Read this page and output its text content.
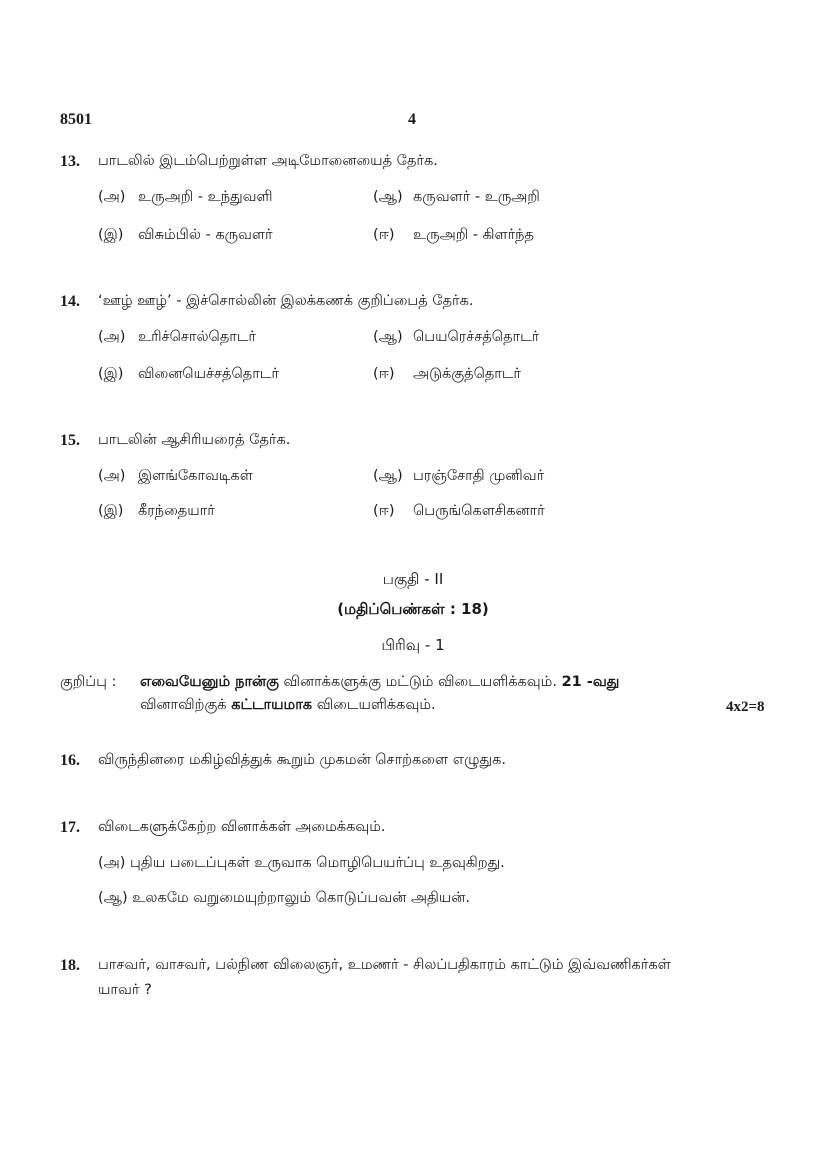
8501	4
13. பாடலில் இடம்பெற்றுள்ள அடிமோனையைத் தேர்க.
(அ) உருஅறி - உந்துவளி	(ஆ) கருவளர் - உருஅறி
(இ) விசும்பில் - கருவளர்	(ஈ) உருஅறி - கிளர்ந்த
14. ‘ஊழ் ஊழ்’ - இச்சொல்லின் இலக்கணக் குறிப்பைத் தேர்க.
(அ) உரிச்சொல்தொடர்	(ஆ) பெயரெச்சத்தொடர்
(இ) வினையெச்சத்தொடர்	(ஈ) அடுக்குத்தொடர்
15. பாடலின் ஆசிரியரைத் தேர்க.
(அ) இளங்கோவடிகள்	(ஆ) பரஞ்சோதி முனிவர்
(இ) கீரந்தையார்	(ஈ) பெருங்கௌசிகனார்
பகுதி - II
(மதிப்பெண்கள் : 18)
பிரிவு - 1
குறிப்பு : எவையேனும் நான்கு வினாக்களுக்கு மட்டும் விடையளிக்கவும். 21 -வது
வினாவிற்குக் கட்டாயமாக விடையளிக்கவும்.	4x2=8
16. விருந்தினரை மகிழ்வித்துக் கூறும் முகமன் சொற்களை எழுதுக.
17. விடைகளுக்கேற்ற வினாக்கள் அமைக்கவும்.
(அ) புதிய படைப்புகள் உருவாக மொழிபெயர்ப்பு உதவுகிறது.
(ஆ) உலகமே வறுமையுற்றாலும் கொடுப்பவன் அதியன்.
18. பாசவர், வாசவர், பல்நிண விலைஞர், உமணர் - சிலப்பதிகாரம் காட்டும் இவ்வணிகர்கள்
யாவர் ?
